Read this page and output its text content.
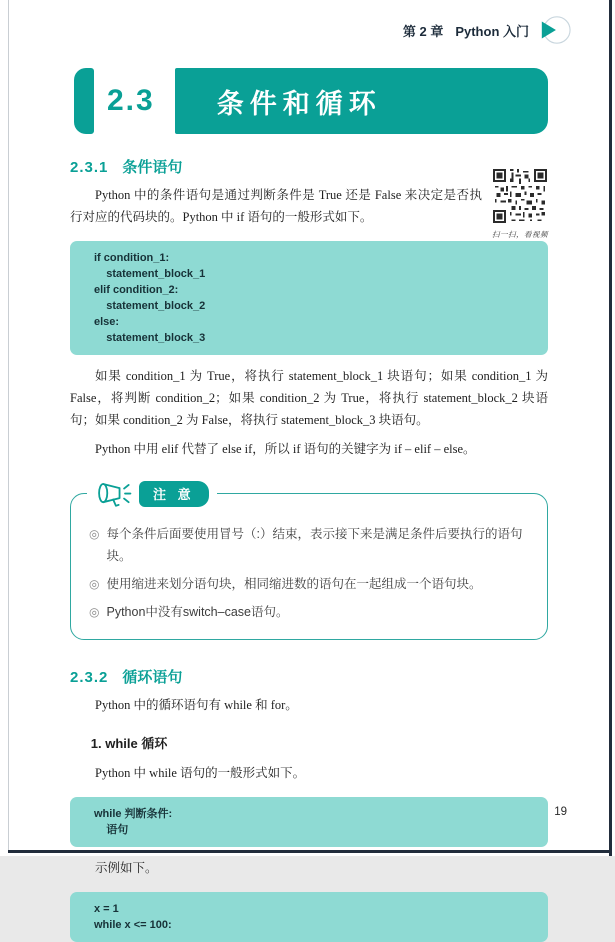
第 2 章 Python 入门
2.3 条件和循环
2.3.1 条件语句
扫一扫，看视频

Python 中的条件语句是通过判断条件是 True 还是 False 来决定是否执行对应的代码块的。Python 中 if 语句的一般形式如下。

if condition_1:
statement_block_1
elif condition_2:
statement_block_2
else:
statement_block_3

如果 condition_1 为 True，将执行 statement_block_1 块语句；如果 condition_1 为 False，将判断 condition_2；如果 condition_2 为 True，将执行 statement_block_2 块语句；如果 condition_2 为 False，将执行 statement_block_3 块语句。

Python 中用 elif 代替了 else if，所以 if 语句的关键字为 if – elif – else。

注 意
◎ 每个条件后面要使用冒号（:）结束，表示接下来是满足条件后要执行的语句块。
◎ 使用缩进来划分语句块，相同缩进数的语句在一起组成一个语句块。
◎ Python中没有switch–case语句。
2.3.2 循环语句

Python 中的循环语句有 while 和 for。

1. while 循环

Python 中 while 语句的一般形式如下。

while 判断条件:
语句

示例如下。

x = 1
while x <= 100:
19
